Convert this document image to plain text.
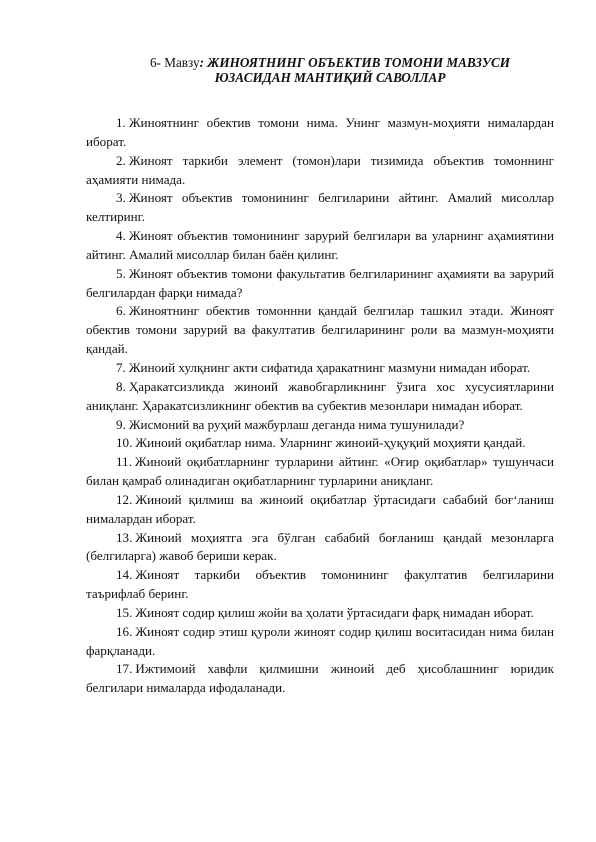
6- Мавзу: ЖИНОЯТНИНГ ОБЪЕКТИВ ТОМОНИ МАВЗУСИ
ЮЗАСИДАН МАНТИҚИЙ САВОЛЛАР

1. Жиноятнинг обектив томони нима. Унинг мазмун-моҳияти нималардан иборат.

2. Жиноят таркиби элемент (томон)лари тизимида объектив томоннинг аҳамияти нимада.

3. Жиноят объектив томонининг белгиларини айтинг. Амалий мисоллар келтиринг.

4. Жиноят объектив томонининг зарурий белгилари ва уларнинг аҳамиятини айтинг. Амалий мисоллар билан баён қилинг.

5. Жиноят объектив томони факультатив белгиларининг аҳамияти ва зарурий белгилардан фарқи нимада?

6. Жиноятнинг обектив томоннни қандай белгилар ташкил этади. Жиноят обектив томони зарурий ва факултатив белгиларининг роли ва мазмун-моҳияти қандай.

7. Жиноий хулқнинг акти сифатида ҳаракатнинг мазмуни нимадан иборат.

8. Ҳаракатсизликда жиноий жавобгарликнинг ўзига хос хусусиятларини аниқланг. Ҳаракатсизликнинг обектив ва субектив мезонлари нимадан иборат.

9. Жисмоний ва руҳий мажбурлаш деганда нима тушунилади?

10. Жиноий оқибатлар нима. Уларнинг жиноий-ҳуқуқий моҳияти қандай.

11. Жиноий оқибатларнинг турларини айтинг. «Оғир оқибатлар» тушунчаси билан қамраб олинадиган оқибатларнинг турларини аниқланг.

12. Жиноий қилмиш ва жиноий оқибатлар ўртасидаги сабабий боғ‘ланиш нималардан иборат.

13. Жиноий моҳиятга эга бўлган сабабий боғланиш қандай мезонларга (белгиларга) жавоб бериши керак.

14. Жиноят таркиби объектив томонининг факултатив белгиларини таърифлаб беринг.

15. Жиноят содир қилиш жойи ва ҳолати ўртасидаги фарқ нимадан иборат.

16. Жиноят содир этиш қуроли жиноят содир қилиш воситасидан нима билан фарқланади.

17. Ижтимоий хавфли қилмишни жиноий деб ҳисоблашнинг юридик белгилари нималарда ифодаланади.
